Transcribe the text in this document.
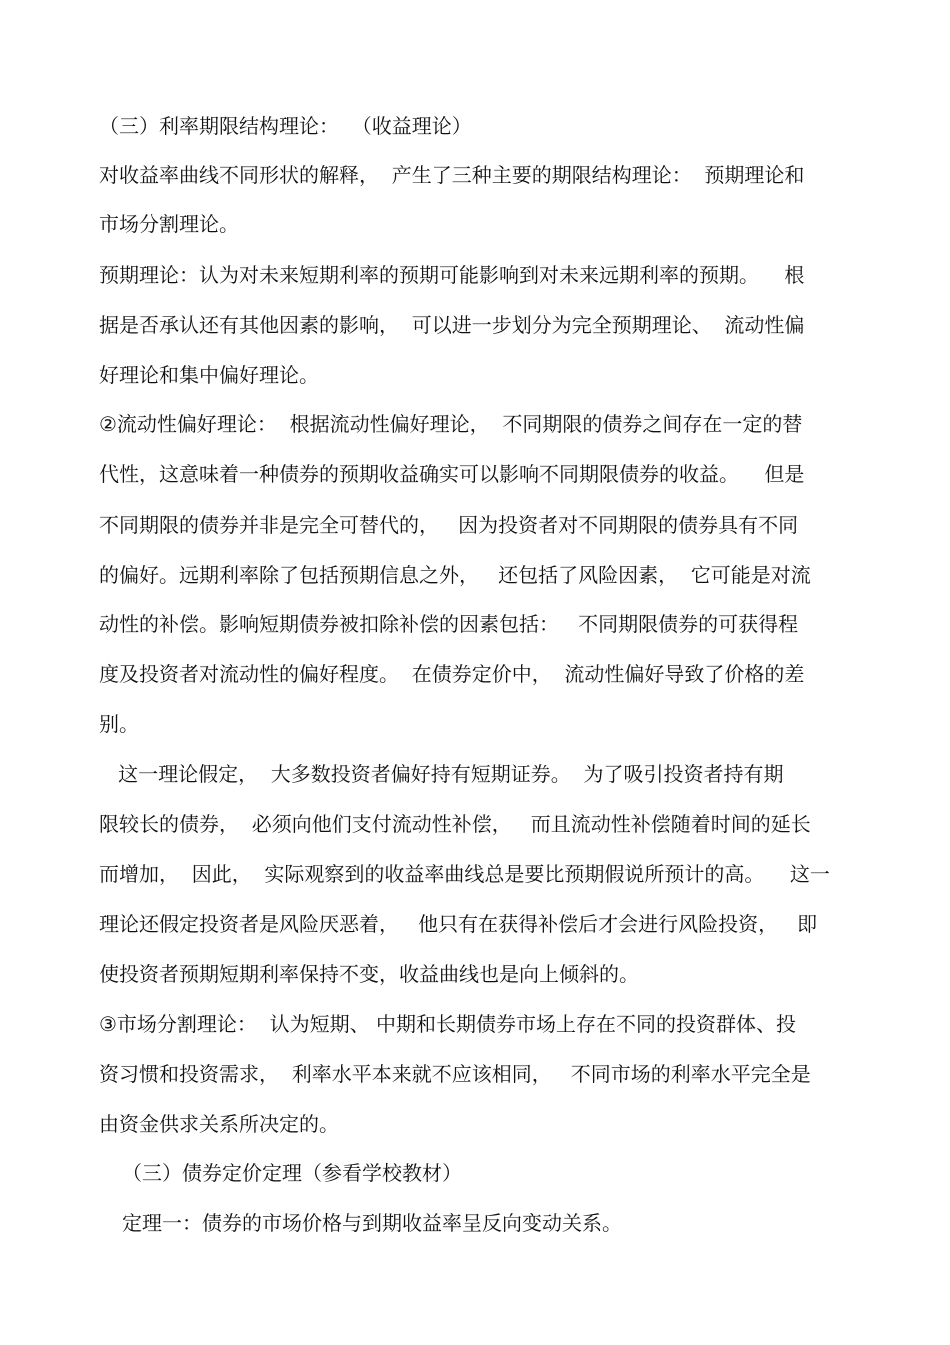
（三）利率期限结构理论：  （收益理论）
对收益率曲线不同形状的解释，  产生了三种主要的期限结构理论：  预期理论和
市场分割理论。
预期理论：认为对未来短期利率的预期可能影响到对未来远期利率的预期。    根
据是否承认还有其他因素的影响，  可以进一步划分为完全预期理论、  流动性偏
好理论和集中偏好理论。
②流动性偏好理论：  根据流动性偏好理论，  不同期限的债券之间存在一定的替
代性，这意味着一种债券的预期收益确实可以影响不同期限债券的收益。    但是
不同期限的债券并非是完全可替代的，   因为投资者对不同期限的债券具有不同
的偏好。远期利率除了包括预期信息之外，   还包括了风险因素，  它可能是对流
动性的补偿。影响短期债券被扣除补偿的因素包括：   不同期限债券的可获得程
度及投资者对流动性的偏好程度。  在债券定价中，  流动性偏好导致了价格的差
别。
这一理论假定，  大多数投资者偏好持有短期证券。  为了吸引投资者持有期
限较长的债券，  必须向他们支付流动性补偿，   而且流动性补偿随着时间的延长
而增加，  因此，  实际观察到的收益率曲线总是要比预期假说所预计的高。    这一
理论还假定投资者是风险厌恶着，   他只有在获得补偿后才会进行风险投资，   即
使投资者预期短期利率保持不变，收益曲线也是向上倾斜的。
③市场分割理论：  认为短期、 中期和长期债券市场上存在不同的投资群体、投
资习惯和投资需求，  利率水平本来就不应该相同，   不同市场的利率水平完全是
由资金供求关系所决定的。
（三）债券定价定理（参看学校教材）
定理一：债券的市场价格与到期收益率呈反向变动关系。
